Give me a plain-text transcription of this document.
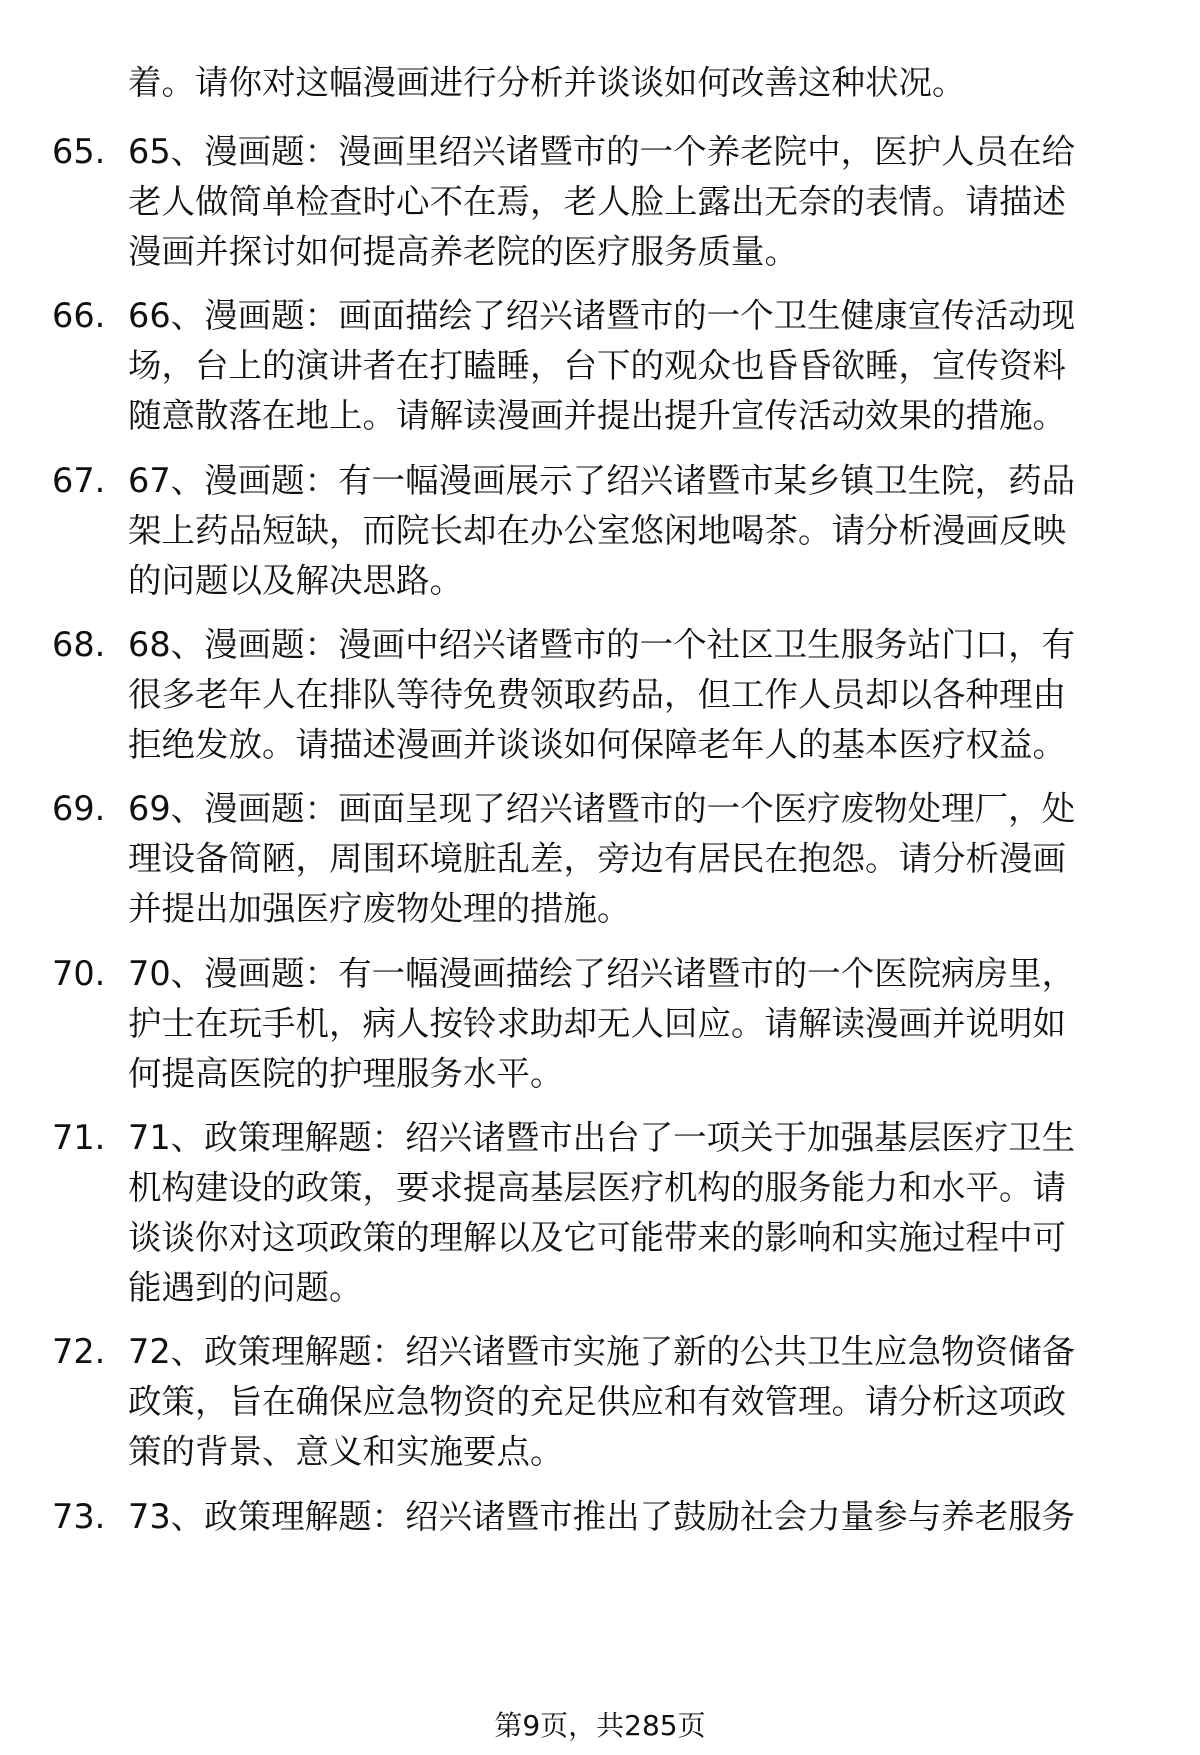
着。请你对这幅漫画进行分析并谈谈如何改善这种状况。
65. 65、漫画题：漫画里绍兴诸暨市的一个养老院中，医护人员在给
老人做简单检查时心不在焉，老人脸上露出无奈的表情。请描述
漫画并探讨如何提高养老院的医疗服务质量。
66. 66、漫画题：画面描绘了绍兴诸暨市的一个卫生健康宣传活动现
场，台上的演讲者在打瞌睡，台下的观众也昏昏欲睡，宣传资料
随意散落在地上。请解读漫画并提出提升宣传活动效果的措施。
67. 67、漫画题：有一幅漫画展示了绍兴诸暨市某乡镇卫生院，药品
架上药品短缺，而院长却在办公室悠闲地喝茶。请分析漫画反映
的问题以及解决思路。
68. 68、漫画题：漫画中绍兴诸暨市的一个社区卫生服务站门口，有
很多老年人在排队等待免费领取药品，但工作人员却以各种理由
拒绝发放。请描述漫画并谈谈如何保障老年人的基本医疗权益。
69. 69、漫画题：画面呈现了绍兴诸暨市的一个医疗废物处理厂，处
理设备简陋，周围环境脏乱差，旁边有居民在抱怨。请分析漫画
并提出加强医疗废物处理的措施。
70. 70、漫画题：有一幅漫画描绘了绍兴诸暨市的一个医院病房里，
护士在玩手机，病人按铃求助却无人回应。请解读漫画并说明如
何提高医院的护理服务水平。
71. 71、政策理解题：绍兴诸暨市出台了一项关于加强基层医疗卫生
机构建设的政策，要求提高基层医疗机构的服务能力和水平。请
谈谈你对这项政策的理解以及它可能带来的影响和实施过程中可
能遇到的问题。
72. 72、政策理解题：绍兴诸暨市实施了新的公共卫生应急物资储备
政策，旨在确保应急物资的充足供应和有效管理。请分析这项政
策的背景、意义和实施要点。
73. 73、政策理解题：绍兴诸暨市推出了鼓励社会力量参与养老服务
第9页，共285页
